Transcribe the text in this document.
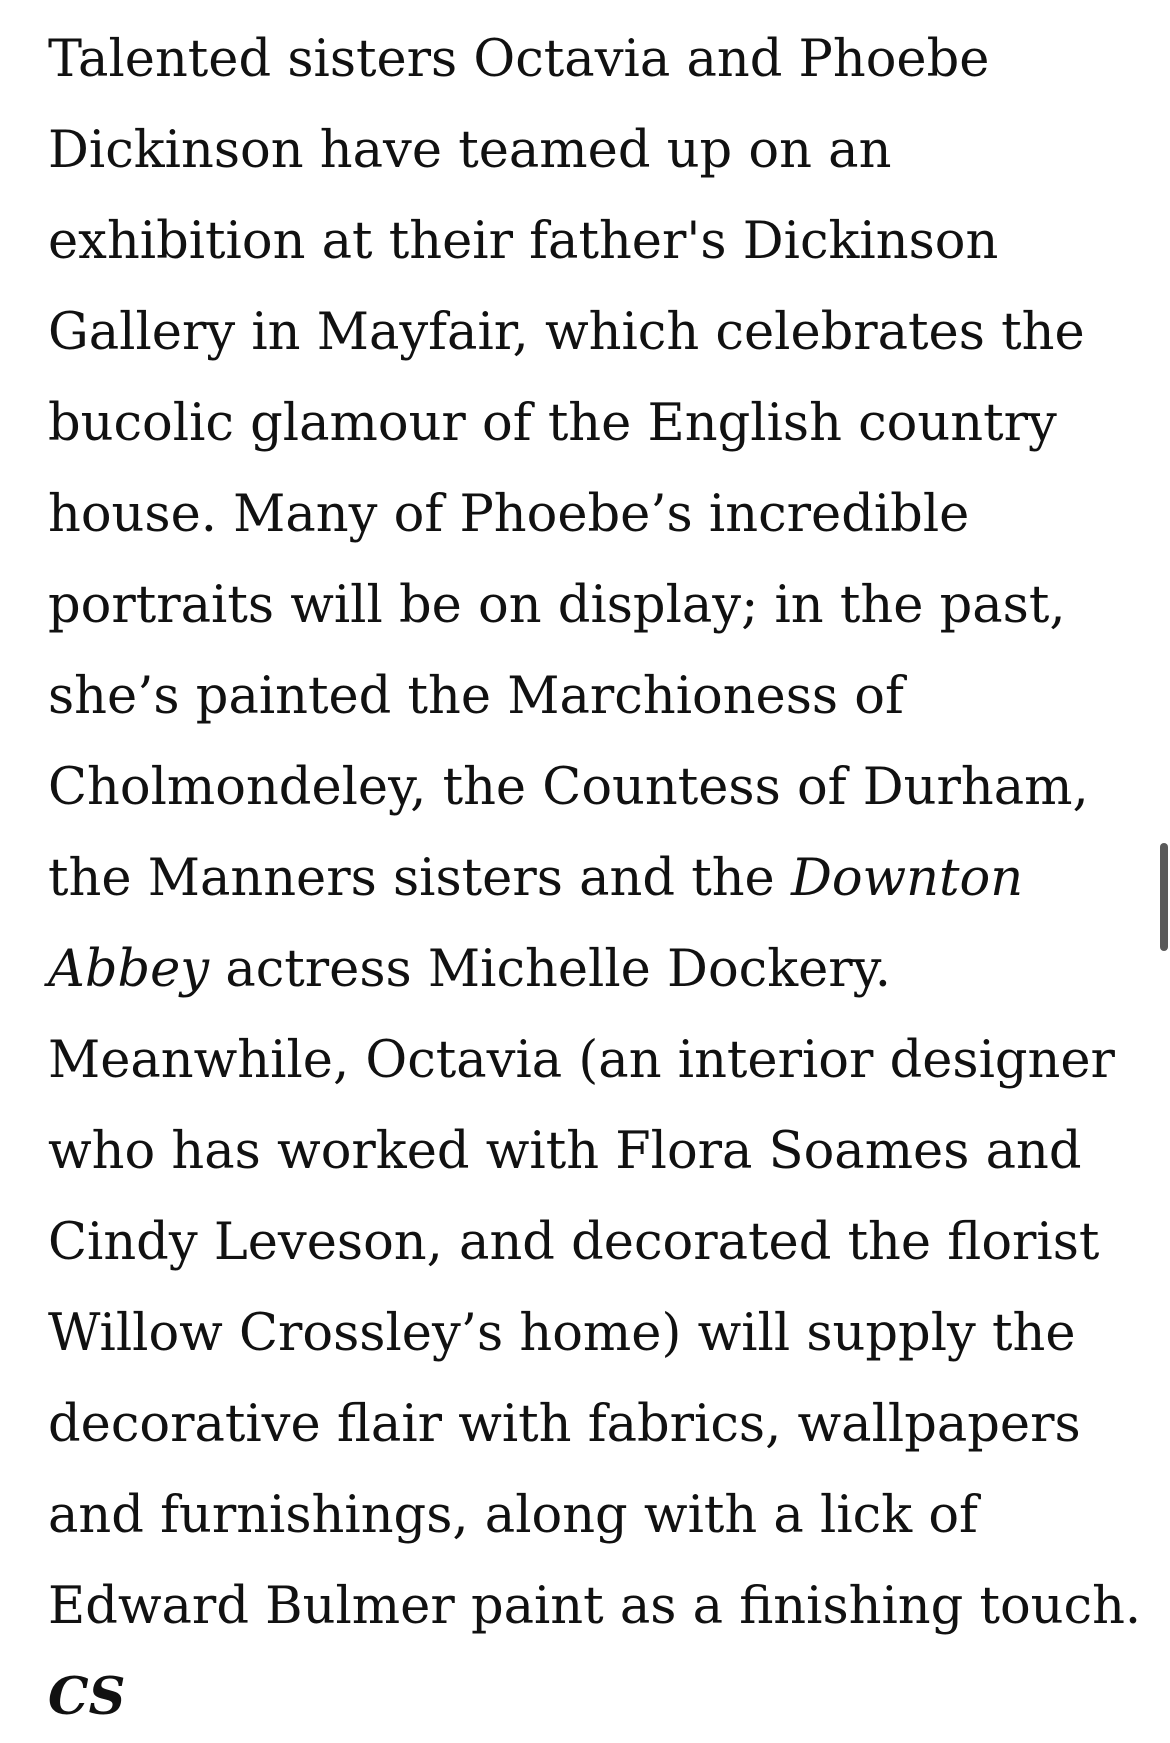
Talented sisters Octavia and Phoebe
Dickinson have teamed up on an
exhibition at their father's Dickinson
Gallery in Mayfair, which celebrates the
bucolic glamour of the English country
house. Many of Phoebe’s incredible
portraits will be on display; in the past,
she’s painted the Marchioness of
Cholmondeley, the Countess of Durham,
the Manners sisters and the Downton
Abbey actress Michelle Dockery.
Meanwhile, Octavia (an interior designer
who has worked with Flora Soames and
Cindy Leveson, and decorated the florist
Willow Crossley’s home) will supply the
decorative flair with fabrics, wallpapers
and furnishings, along with a lick of
Edward Bulmer paint as a finishing touch.
CS
